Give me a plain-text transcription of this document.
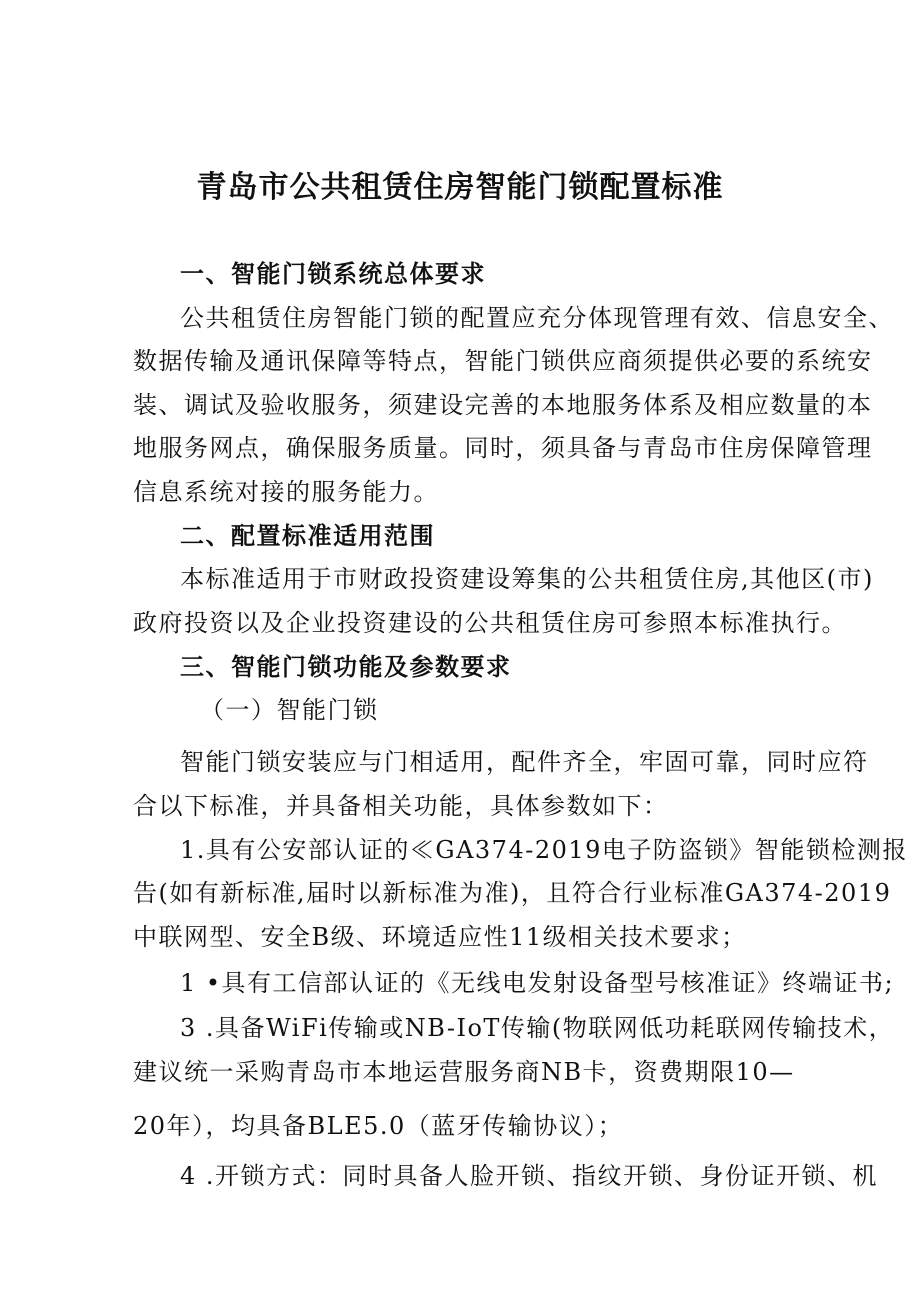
青岛市公共租赁住房智能门锁配置标准
一、智能门锁系统总体要求
公共租赁住房智能门锁的配置应充分体现管理有效、信息安全、
数据传输及通讯保障等特点，智能门锁供应商须提供必要的系统安
装、调试及验收服务，须建设完善的本地服务体系及相应数量的本
地服务网点，确保服务质量。同时，须具备与青岛市住房保障管理
信息系统对接的服务能力。
二、配置标准适用范围
本标准适用于市财政投资建设筹集的公共租赁住房,其他区(市)
政府投资以及企业投资建设的公共租赁住房可参照本标准执行。
三、智能门锁功能及参数要求
（一）智能门锁
智能门锁安装应与门相适用，配件齐全，牢固可靠，同时应符
合以下标准，并具备相关功能，具体参数如下：
1.具有公安部认证的≪GA374-2019电子防盗锁》智能锁检测报
告(如有新标准,届时以新标准为准)，且符合行业标准GA374-2019
中联网型、安全B级、环境适应性11级相关技术要求；
1 •具有工信部认证的《无线电发射设备型号核准证》终端证书;
3 .具备WiFi传输或NB-IoT传输(物联网低功耗联网传输技术，
建议统一采购青岛市本地运营服务商NB卡，资费期限10—
20年），均具备BLE5.0（蓝牙传输协议）；
4 .开锁方式：同时具备人脸开锁、指纹开锁、身份证开锁、机
